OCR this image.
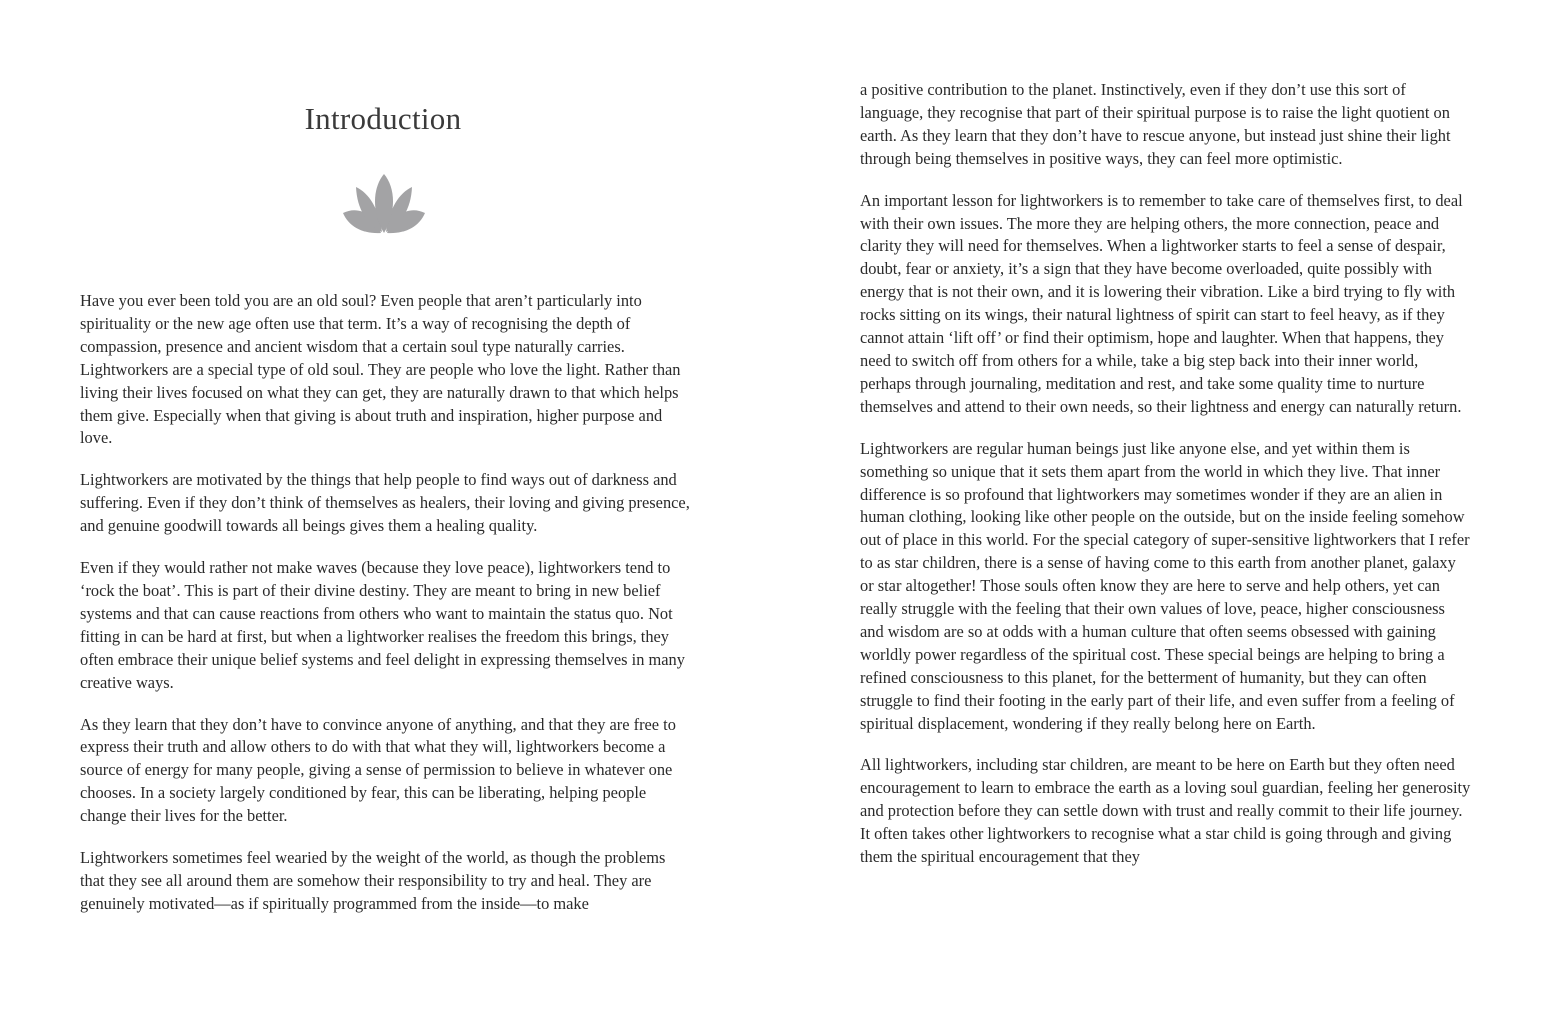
Introduction

Have you ever been told you are an old soul? Even people that aren’t particularly into spirituality or the new age often use that term. It’s a way of recognising the depth of compassion, presence and ancient wisdom that a certain soul type naturally carries. Lightworkers are a special type of old soul. They are people who love the light. Rather than living their lives focused on what they can get, they are naturally drawn to that which helps them give. Especially when that giving is about truth and inspiration, higher purpose and love.

Lightworkers are motivated by the things that help people to find ways out of darkness and suffering. Even if they don’t think of themselves as healers, their loving and giving presence, and genuine goodwill towards all beings gives them a healing quality.

Even if they would rather not make waves (because they love peace), lightworkers tend to ‘rock the boat’. This is part of their divine destiny. They are meant to bring in new belief systems and that can cause reactions from others who want to maintain the status quo. Not fitting in can be hard at first, but when a lightworker realises the freedom this brings, they often embrace their unique belief systems and feel delight in expressing themselves in many creative ways.

As they learn that they don’t have to convince anyone of anything, and that they are free to express their truth and allow others to do with that what they will, lightworkers become a source of energy for many people, giving a sense of permission to believe in whatever one chooses. In a society largely conditioned by fear, this can be liberating, helping people change their lives for the better.

Lightworkers sometimes feel wearied by the weight of the world, as though the problems that they see all around them are somehow their responsibility to try and heal. They are genuinely motivated—as if spiritually programmed from the inside—to make

a positive contribution to the planet. Instinctively, even if they don’t use this sort of language, they recognise that part of their spiritual purpose is to raise the light quotient on earth. As they learn that they don’t have to rescue anyone, but instead just shine their light through being themselves in positive ways, they can feel more optimistic.

An important lesson for lightworkers is to remember to take care of themselves first, to deal with their own issues. The more they are helping others, the more connection, peace and clarity they will need for themselves. When a lightworker starts to feel a sense of despair, doubt, fear or anxiety, it’s a sign that they have become overloaded, quite possibly with energy that is not their own, and it is lowering their vibration. Like a bird trying to fly with rocks sitting on its wings, their natural lightness of spirit can start to feel heavy, as if they cannot attain ‘lift off’ or find their optimism, hope and laughter. When that happens, they need to switch off from others for a while, take a big step back into their inner world, perhaps through journaling, meditation and rest, and take some quality time to nurture themselves and attend to their own needs, so their lightness and energy can naturally return.

Lightworkers are regular human beings just like anyone else, and yet within them is something so unique that it sets them apart from the world in which they live. That inner difference is so profound that lightworkers may sometimes wonder if they are an alien in human clothing, looking like other people on the outside, but on the inside feeling somehow out of place in this world. For the special category of super-sensitive lightworkers that I refer to as star children, there is a sense of having come to this earth from another planet, galaxy or star altogether! Those souls often know they are here to serve and help others, yet can really struggle with the feeling that their own values of love, peace, higher consciousness and wisdom are so at odds with a human culture that often seems obsessed with gaining worldly power regardless of the spiritual cost. These special beings are helping to bring a refined consciousness to this planet, for the betterment of humanity, but they can often struggle to find their footing in the early part of their life, and even suffer from a feeling of spiritual displacement, wondering if they really belong here on Earth.

All lightworkers, including star children, are meant to be here on Earth but they often need encouragement to learn to embrace the earth as a loving soul guardian, feeling her generosity and protection before they can settle down with trust and really commit to their life journey. It often takes other lightworkers to recognise what a star child is going through and giving them the spiritual encouragement that they
